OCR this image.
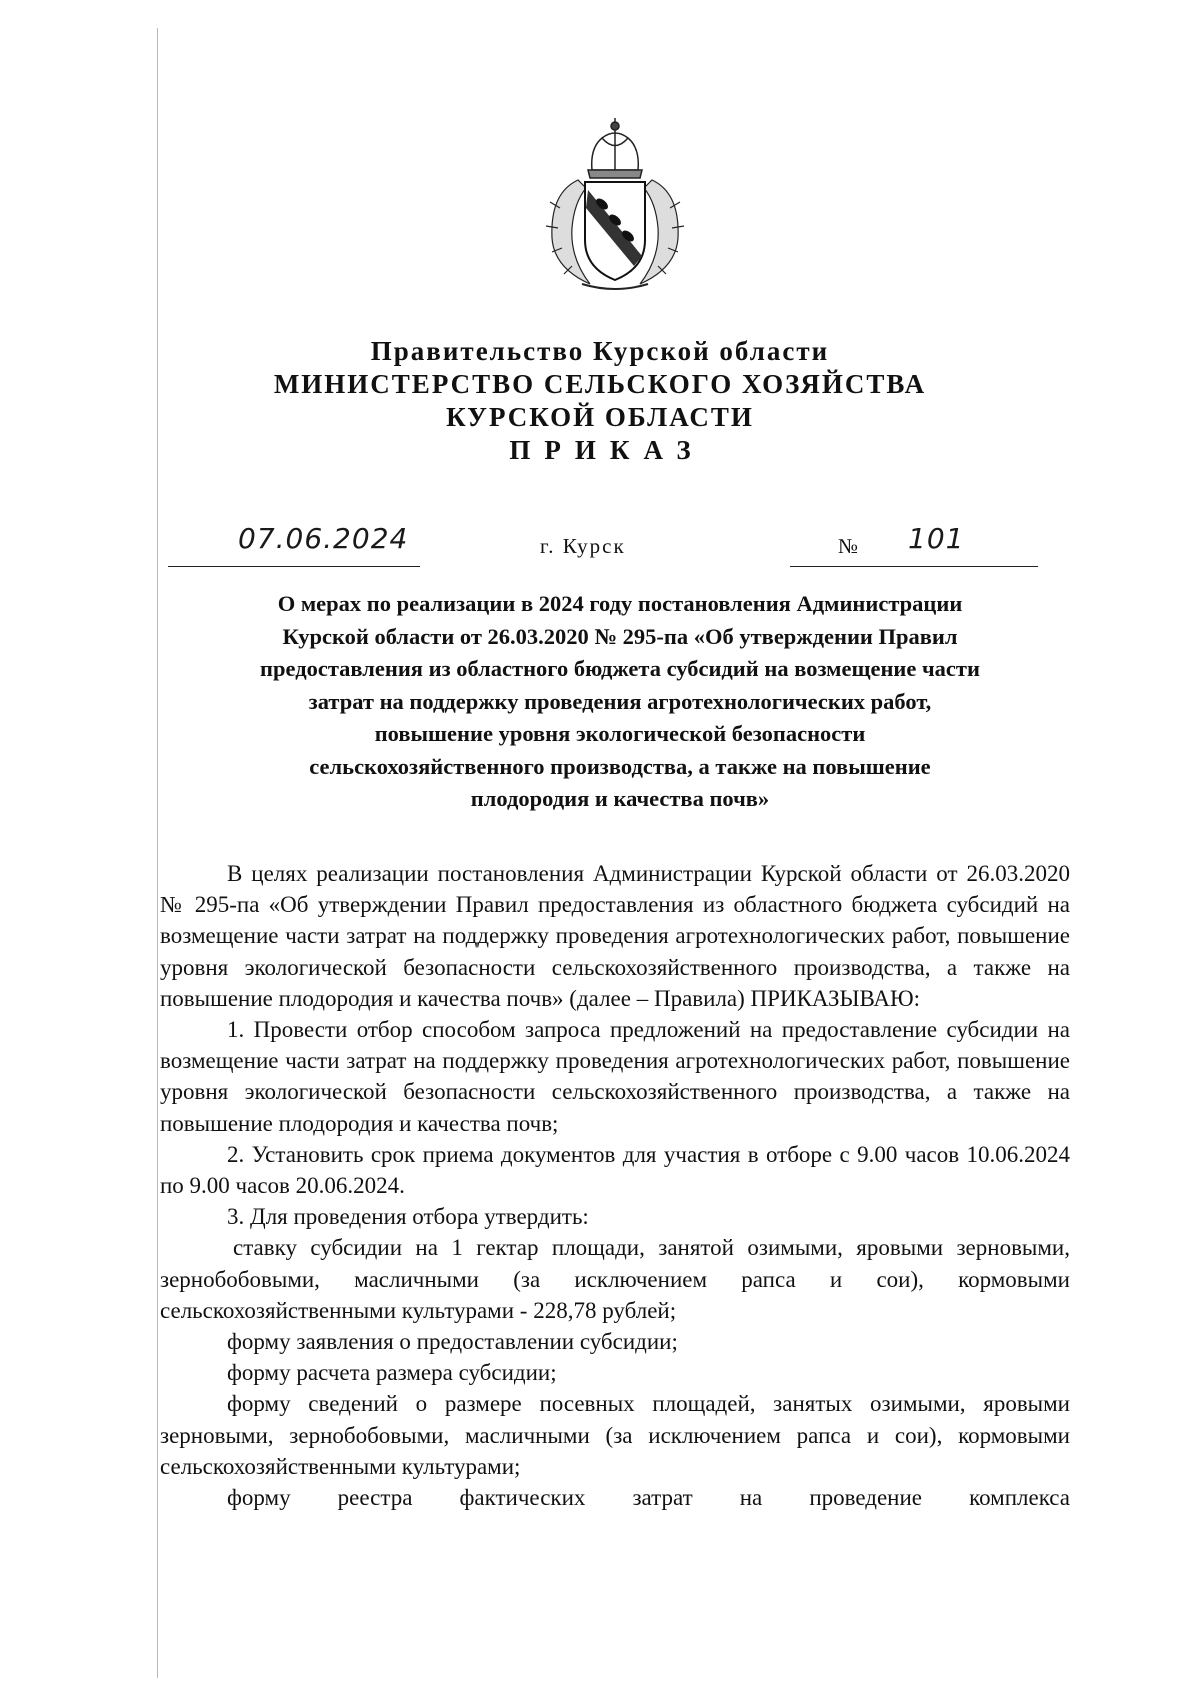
Правительство Курской области
МИНИСТЕРСТВО СЕЛЬСКОГО ХОЗЯЙСТВА
КУРСКОЙ ОБЛАСТИ
ПРИКАЗ
07.06.2024	г. Курск	№ 101

О мерах по реализации в 2024 году постановления Администрации

Курской области от 26.03.2020 № 295-па «Об утверждении Правил

предоставления из областного бюджета субсидий на возмещение части

затрат на поддержку проведения агротехнологических работ,

повышение уровня экологической безопасности

сельскохозяйственного производства, а также на повышение

плодородия и качества почв»

В целях реализации постановления Администрации Курской области от 26.03.2020 № 295-па «Об утверждении Правил предоставления из областного бюджета субсидий на возмещение части затрат на поддержку проведения агротехнологических работ, повышение уровня экологической безопасности сельскохозяйственного производства, а также на повышение плодородия и качества почв» (далее – Правила) ПРИКАЗЫВАЮ:

1. Провести отбор способом запроса предложений на предоставление субсидии на возмещение части затрат на поддержку проведения агротехнологических работ, повышение уровня экологической безопасности сельскохозяйственного производства, а также на повышение плодородия и качества почв;

2. Установить срок приема документов для участия в отборе с 9.00 часов 10.06.2024 по 9.00 часов 20.06.2024.

3. Для проведения отбора утвердить:

ставку субсидии на 1 гектар площади, занятой озимыми, яровыми зерновыми, зернобобовыми, масличными (за исключением рапса и сои), кормовыми сельскохозяйственными культурами - 228,78 рублей;

форму заявления о предоставлении субсидии;

форму расчета размера субсидии;

форму сведений о размере посевных площадей, занятых озимыми, яровыми зерновыми, зернобобовыми, масличными (за исключением рапса и сои), кормовыми сельскохозяйственными культурами;

форму реестра фактических затрат на проведение комплекса
